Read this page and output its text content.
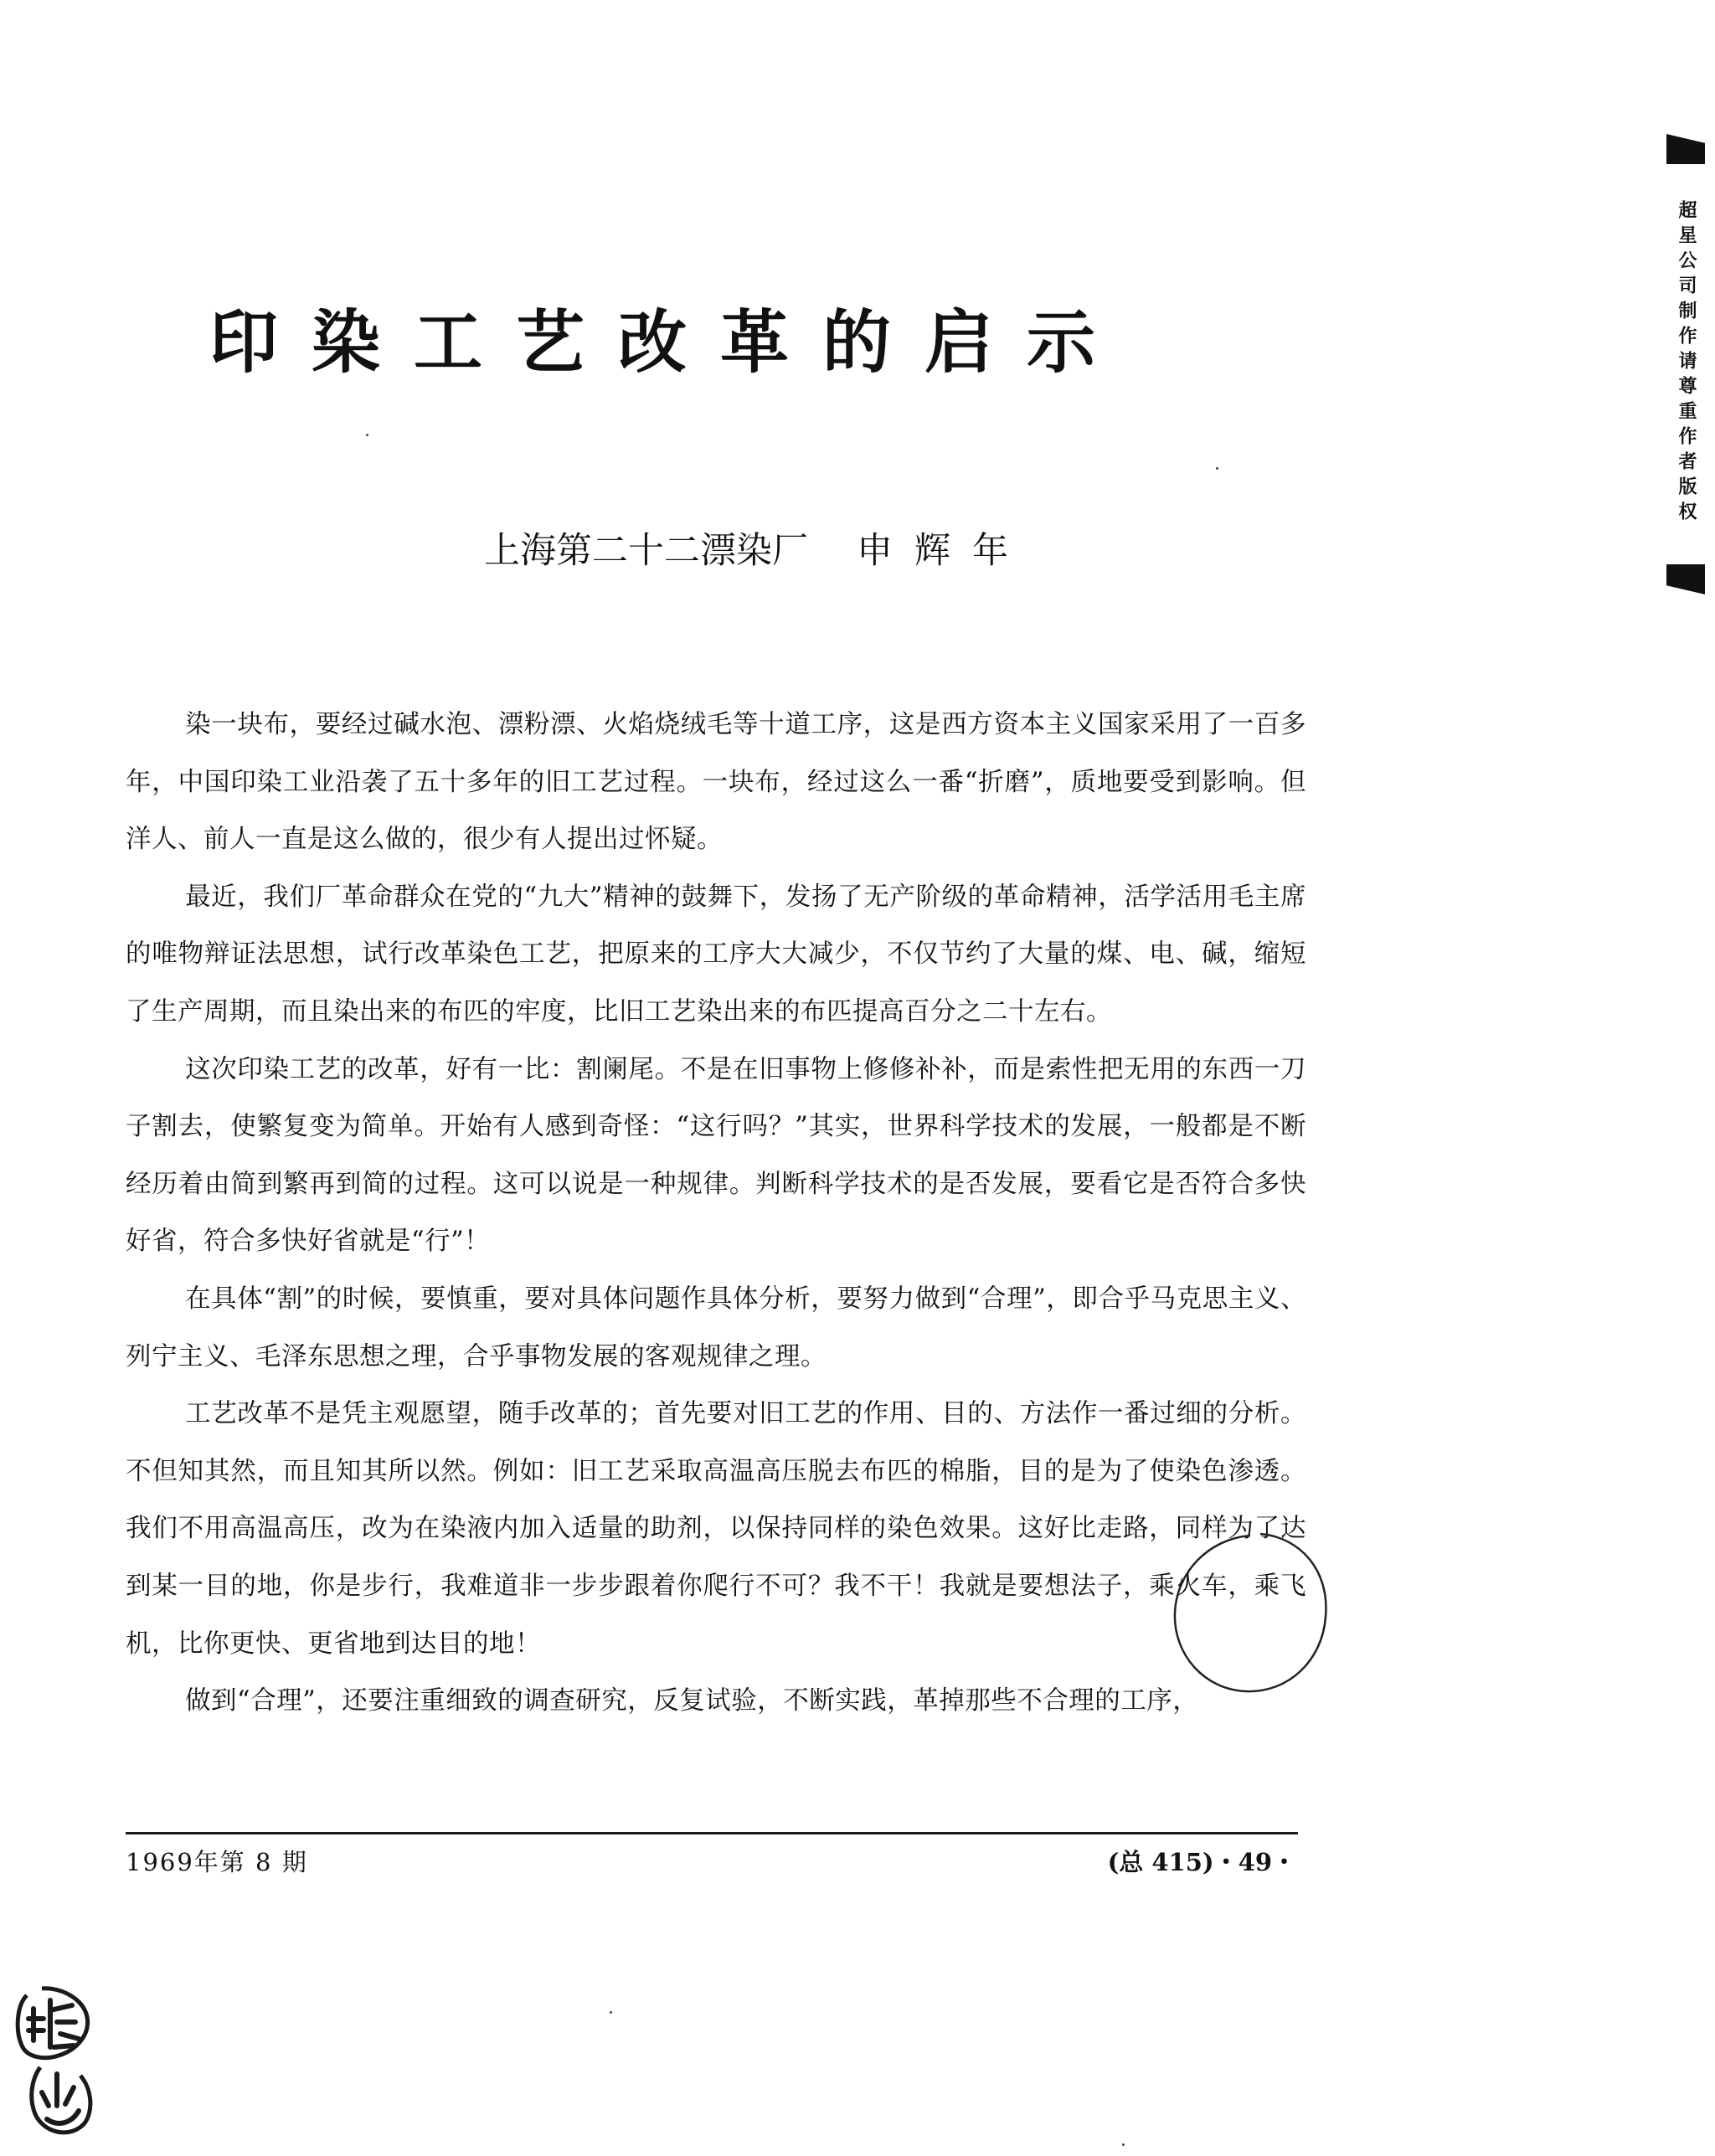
印染工艺改革的启示
上海第二十二漂染厂 申辉年

染一块布，要经过碱水泡、漂粉漂、火焰烧绒毛等十道工序，这是西方资本主义国家采用了一百多年，中国印染工业沿袭了五十多年的旧工艺过程。一块布，经过这么一番“折磨”，质地要受到影响。但洋人、前人一直是这么做的，很少有人提出过怀疑。

最近，我们厂革命群众在党的“九大”精神的鼓舞下，发扬了无产阶级的革命精神，活学活用毛主席的唯物辩证法思想，试行改革染色工艺，把原来的工序大大减少，不仅节约了大量的煤、电、碱，缩短了生产周期，而且染出来的布匹的牢度，比旧工艺染出来的布匹提高百分之二十左右。

这次印染工艺的改革，好有一比：割阑尾。不是在旧事物上修修补补，而是索性把无用的东西一刀子割去，使繁复变为简单。开始有人感到奇怪：“这行吗？”其实，世界科学技术的发展，一般都是不断经历着由简到繁再到简的过程。这可以说是一种规律。判断科学技术的是否发展，要看它是否符合多快好省，符合多快好省就是“行”！

在具体“割”的时候，要慎重，要对具体问题作具体分析，要努力做到“合理”，即合乎马克思主义、列宁主义、毛泽东思想之理，合乎事物发展的客观规律之理。

工艺改革不是凭主观愿望，随手改革的；首先要对旧工艺的作用、目的、方法作一番过细的分析。不但知其然，而且知其所以然。例如：旧工艺采取高温高压脱去布匹的棉脂，目的是为了使染色渗透。我们不用高温高压，改为在染液内加入适量的助剂，以保持同样的染色效果。这好比走路，同样为了达到某一目的地，你是步行，我难道非一步步跟着你爬行不可？我不干！我就是要想法子，乘火车，乘飞机，比你更快、更省地到达目的地！

做到“合理”，还要注重细致的调查研究，反复试验，不断实践，革掉那些不合理的工序，

1969年第 8 期	(总 415)・49・
超星公司制作请尊重作者版权
